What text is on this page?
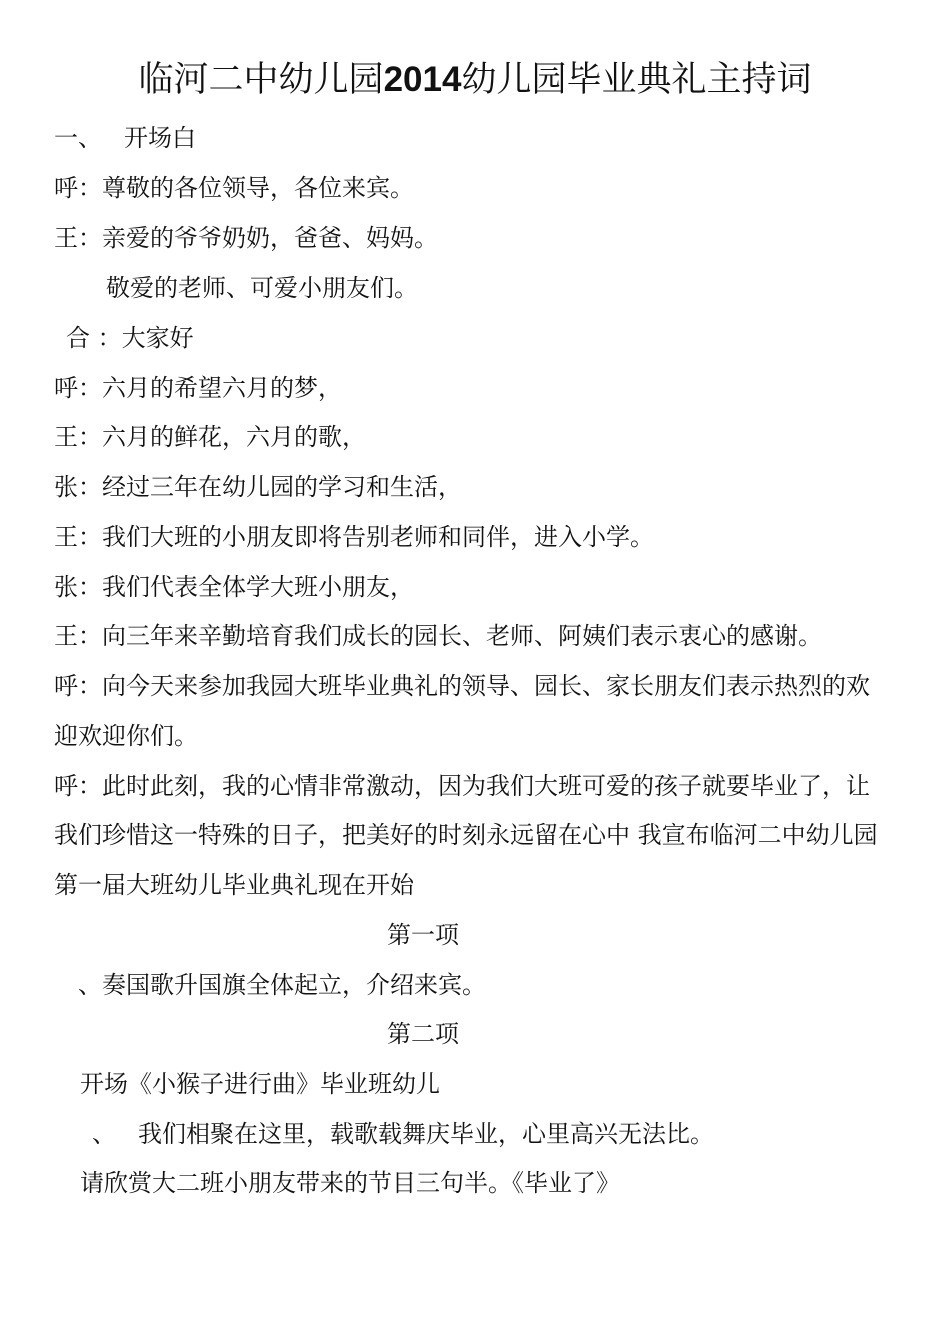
临河二中幼儿园2014幼儿园毕业典礼主持词
一、 开场白
呼：尊敬的各位领导，各位来宾。
王：亲爱的爷爷奶奶，爸爸、妈妈。
敬爱的老师、可爱小朋友们。
合 ：大家好
呼：六月的希望六月的梦，
王：六月的鲜花，六月的歌，
张：经过三年在幼儿园的学习和生活，
王：我们大班的小朋友即将告别老师和同伴，进入小学。
张：我们代表全体学大班小朋友，
王：向三年来辛勤培育我们成长的园长、老师、阿姨们表示衷心的感谢。
呼：向今天来参加我园大班毕业典礼的领导、园长、家长朋友们表示热烈的欢
迎欢迎你们。
呼：此时此刻，我的心情非常激动，因为我们大班可爱的孩子就要毕业了，让
我们珍惜这一特殊的日子，把美好的时刻永远留在心中 我宣布临河二中幼儿园
第一届大班幼儿毕业典礼现在开始
第一项
、奏国歌升国旗全体起立，介绍来宾。
第二项
开场《小猴子进行曲》毕业班幼儿
、 我们相聚在这里，载歌载舞庆毕业，心里高兴无法比。
请欣赏大二班小朋友带来的节目三句半。《毕业了》
